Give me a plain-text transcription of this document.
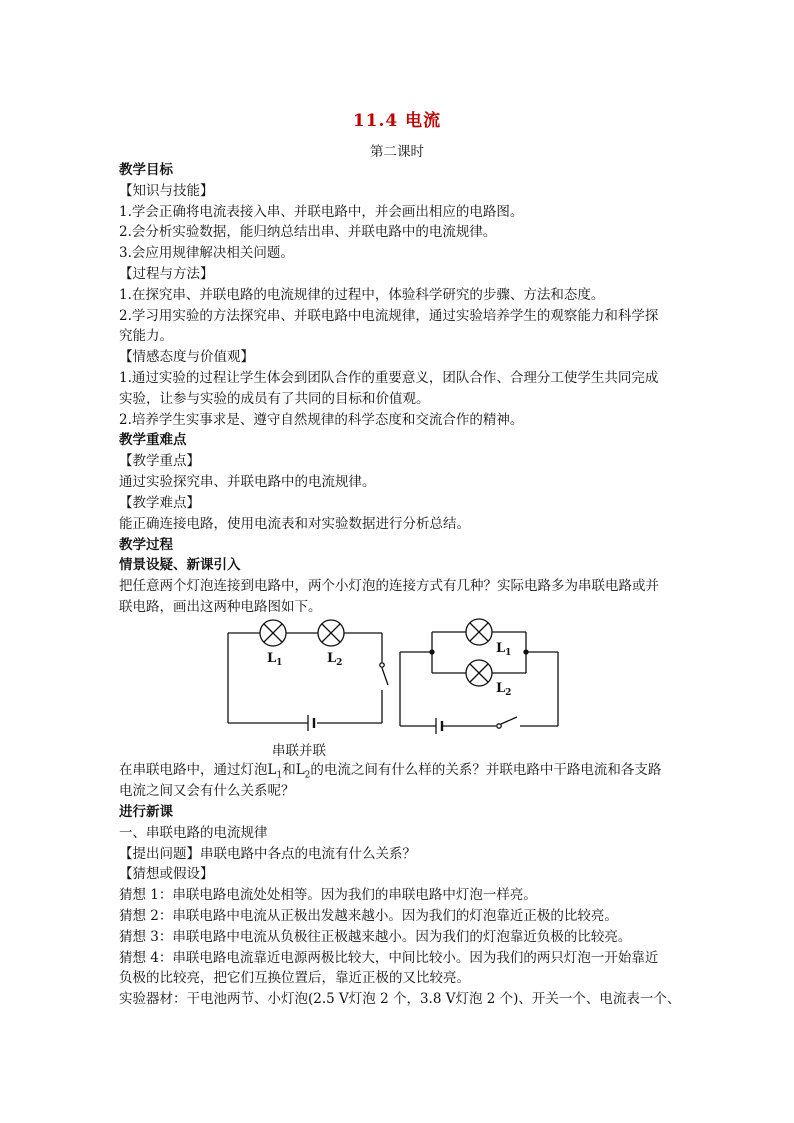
11.4 电流
第二课时
教学目标
【知识与技能】
1.学会正确将电流表接入串、并联电路中，并会画出相应的电路图。
2.会分析实验数据，能归纳总结出串、并联电路中的电流规律。
3.会应用规律解决相关问题。
【过程与方法】
1.在探究串、并联电路的电流规律的过程中，体验科学研究的步骤、方法和态度。
2.学习用实验的方法探究串、并联电路中电流规律，通过实验培养学生的观察能力和科学探
究能力。
【情感态度与价值观】
1.通过实验的过程让学生体会到团队合作的重要意义，团队合作、合理分工使学生共同完成
实验，让参与实验的成员有了共同的目标和价值观。
2.培养学生实事求是、遵守自然规律的科学态度和交流合作的精神。
教学重难点
【教学重点】
通过实验探究串、并联电路中的电流规律。
【教学难点】
能正确连接电路，使用电流表和对实验数据进行分析总结。
教学过程
情景设疑、新课引入
把任意两个灯泡连接到电路中，两个小灯泡的连接方式有几种？实际电路多为串联电路或并
联电路，画出这两种电路图如下。
$L_1$	$L_2$
$L_1$
$L_2$
串联并联
在串联电路中，通过灯泡$L_1$和$L_2$的电流之间有什么样的关系？并联电路中干路电流和各支路
电流之间又会有什么关系呢？
进行新课
一、串联电路的电流规律
【提出问题】串联电路中各点的电流有什么关系？
【猜想或假设】
猜想 1：串联电路电流处处相等。因为我们的串联电路中灯泡一样亮。
猜想 2：串联电路中电流从正极出发越来越小。因为我们的灯泡靠近正极的比较亮。
猜想 3：串联电路中电流从负极往正极越来越小。因为我们的灯泡靠近负极的比较亮。
猜想 4：串联电路电流靠近电源两极比较大，中间比较小。因为我们的两只灯泡一开始靠近
负极的比较亮，把它们互换位置后，靠近正极的又比较亮。
实验器材：干电池两节、小灯泡(2.5 V灯泡 2 个，3.8 V灯泡 2 个)、开关一个、电流表一个、
